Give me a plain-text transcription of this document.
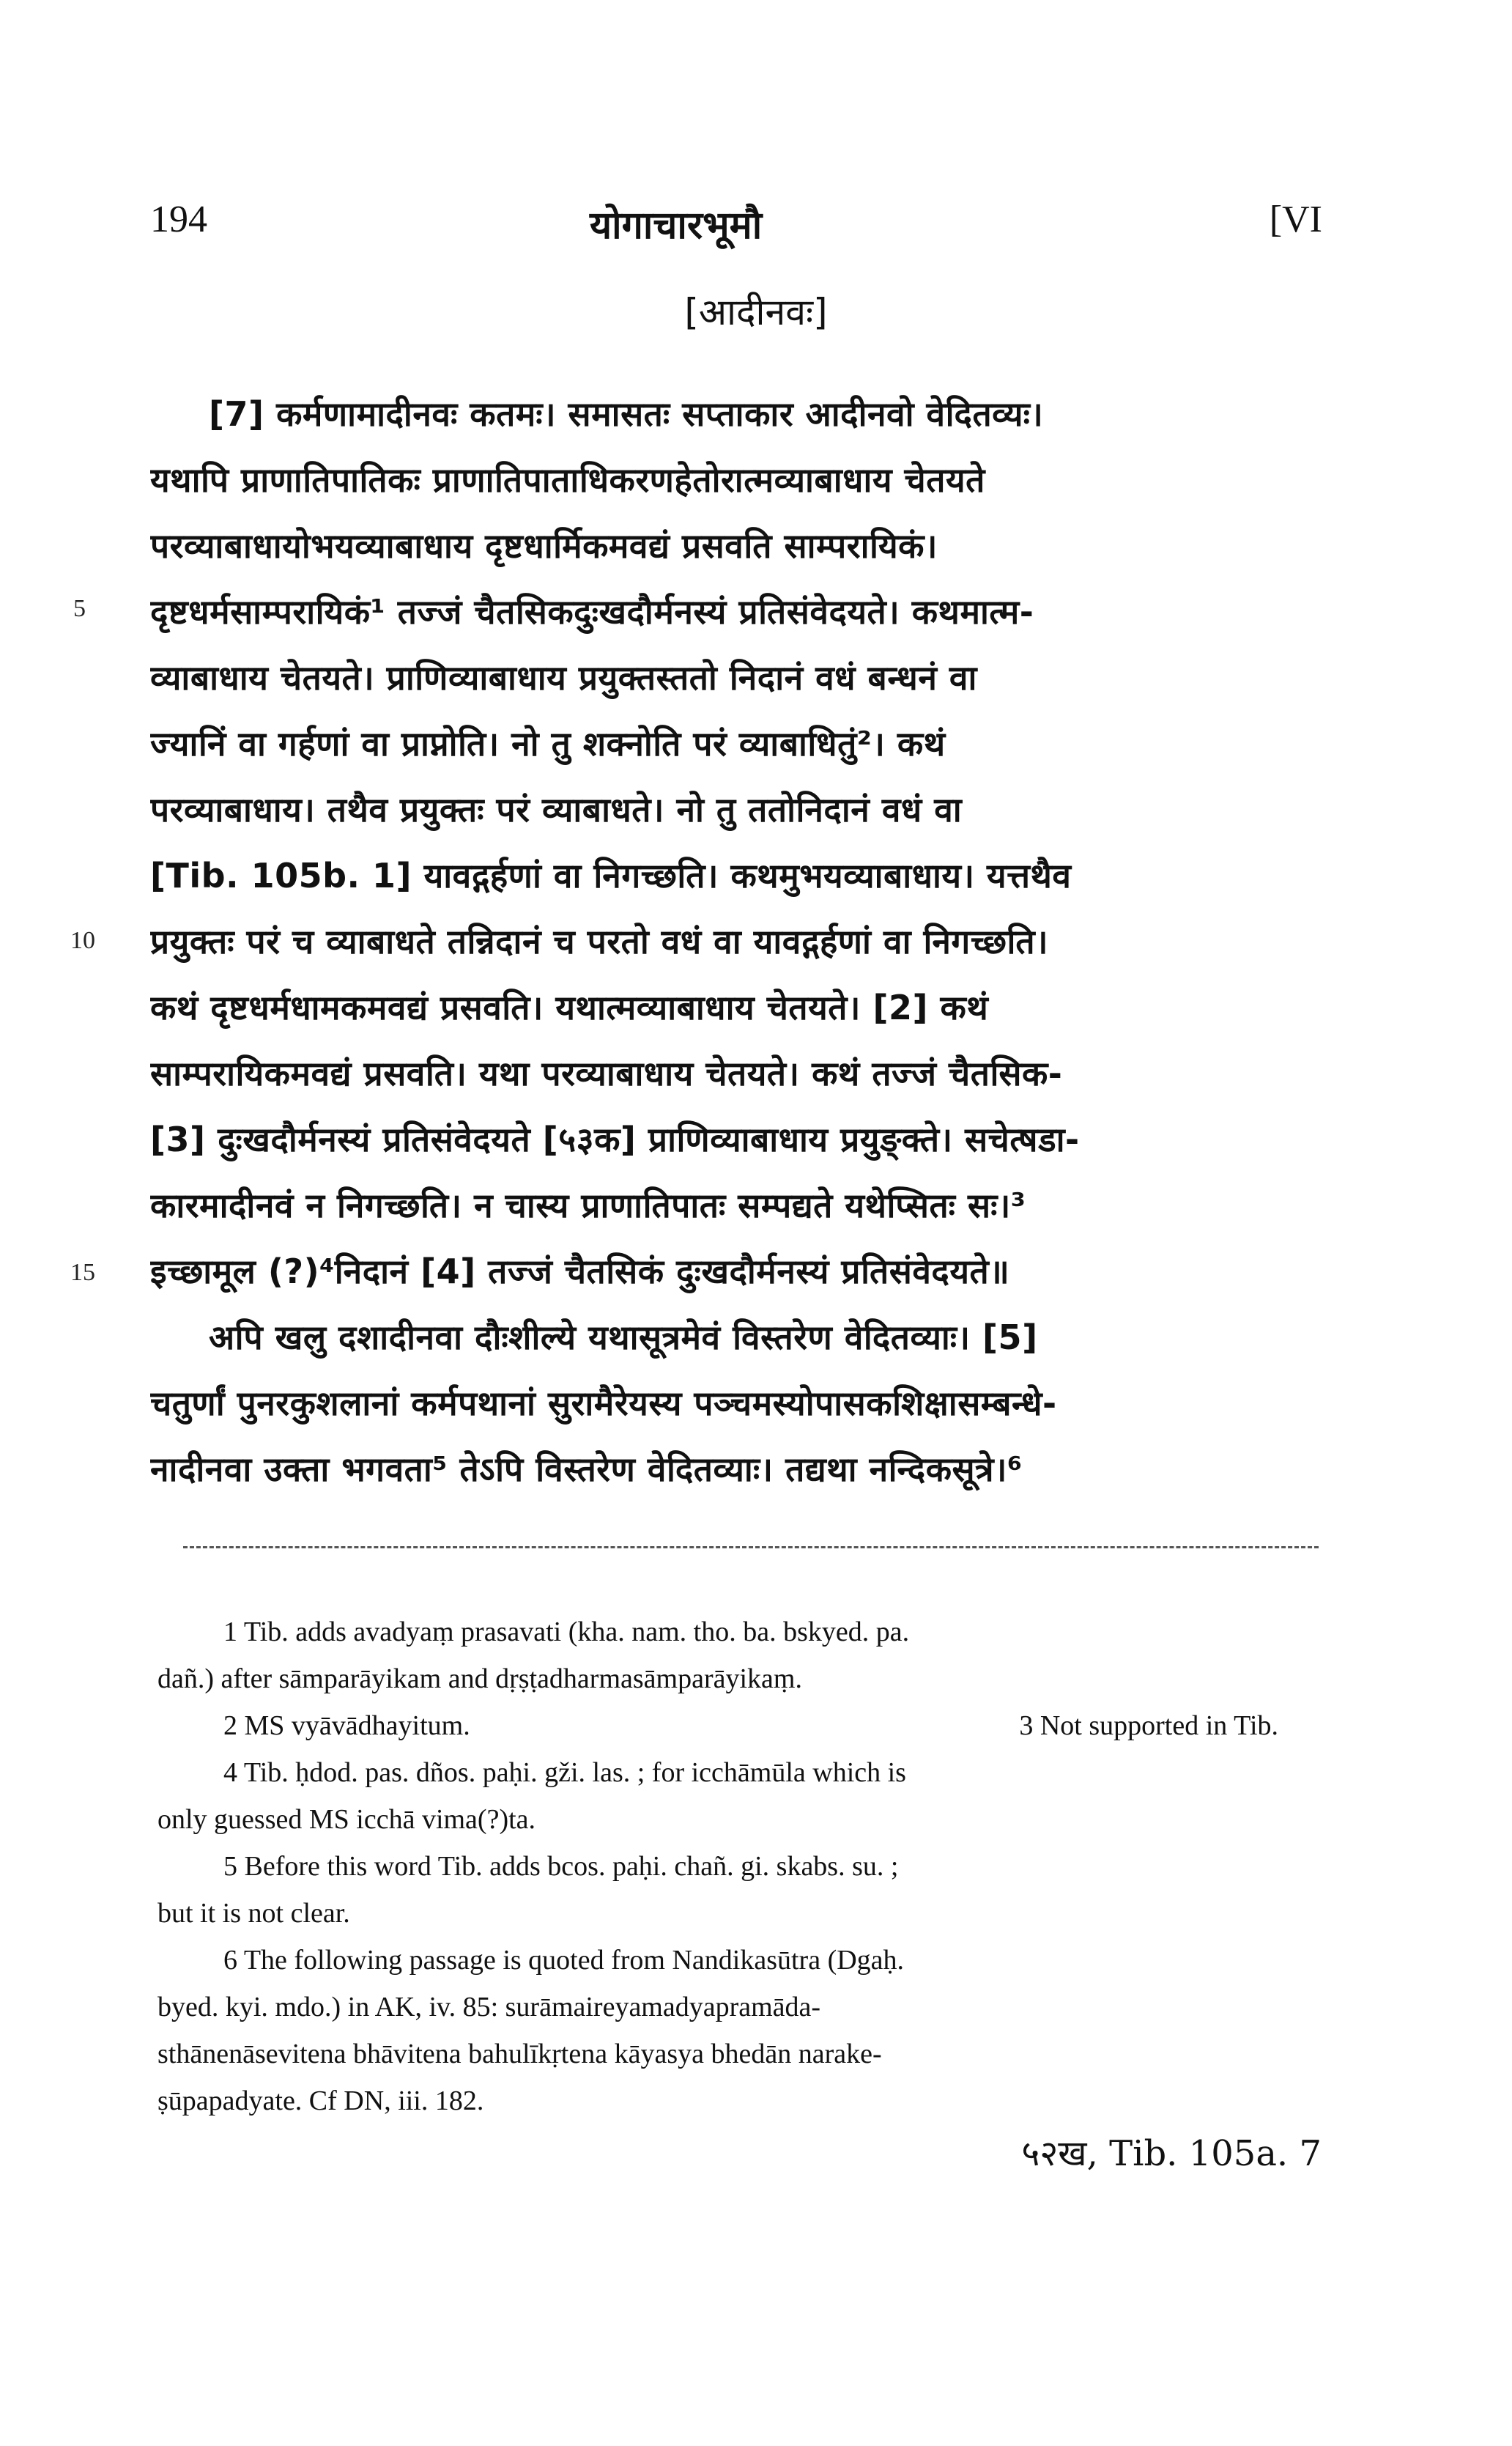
194	योगाचारभूमौ	[VI
[आदीनवः]
[7] कर्मणामादीनवः कतमः। समासतः सप्ताकार आदीनवो वेदितव्यः।
यथापि प्राणातिपातिकः प्राणातिपाताधिकरणहेतोरात्मव्याबाधाय चेतयते
परव्याबाधायोभयव्याबाधाय दृष्टधार्मिकमवद्यं प्रसवति साम्परायिकं।
दृष्टधर्मसाम्परायिकं¹ तज्जं चैतसिकदुःखदौर्मनस्यं प्रतिसंवेदयते। कथमात्म-
व्याबाधाय चेतयते। प्राणिव्याबाधाय प्रयुक्तस्ततो निदानं वधं बन्धनं वा
ज्यानिं वा गर्हणां वा प्राप्नोति। नो तु शक्नोति परं व्याबाधितुं²। कथं
परव्याबाधाय। तथैव प्रयुक्तः परं व्याबाधते। नो तु ततोनिदानं वधं वा
[Tib. 105b. 1] यावद्गर्हणां वा निगच्छति। कथमुभयव्याबाधाय। यत्तथैव
प्रयुक्तः परं च व्याबाधते तन्निदानं च परतो वधं वा यावद्गर्हणां वा निगच्छति।
कथं दृष्टधर्मधामकमवद्यं प्रसवति। यथात्मव्याबाधाय चेतयते। [2] कथं
साम्परायिकमवद्यं प्रसवति। यथा परव्याबाधाय चेतयते। कथं तज्जं चैतसिक-
[3] दुःखदौर्मनस्यं प्रतिसंवेदयते [५३क] प्राणिव्याबाधाय प्रयुङ्क्ते। सचेत्षडा-
कारमादीनवं न निगच्छति। न चास्य प्राणातिपातः सम्पद्यते यथेप्सितः सः।³
इच्छामूल (?)⁴निदानं [4] तज्जं चैतसिकं दुःखदौर्मनस्यं प्रतिसंवेदयते॥
अपि खलु दशादीनवा दौःशील्ये यथासूत्रमेवं विस्तरेण वेदितव्याः। [5]
चतुर्णां पुनरकुशलानां कर्मपथानां सुरामैरेयस्य पञ्चमस्योपासकशिक्षासम्बन्धे-
नादीनवा उक्ता भगवता⁵ तेऽपि विस्तरेण वेदितव्याः। तद्यथा नन्दिकसूत्रे।⁶
5
10
15
1 Tib. adds avadyaṃ prasavati (kha. nam. tho. ba. bskyed. pa.
dañ.) after sāmparāyikam and dṛṣṭadharmasāmparāyikaṃ.
2 MS vyāvādhayitum.	3 Not supported in Tib.
4 Tib. ḥdod. pas. dños. paḥi. gži. las. ; for icchāmūla which is
only guessed MS icchā vima(?)ta.
5 Before this word Tib. adds bcos. paḥi. chañ. gi. skabs. su. ;
but it is not clear.
6 The following passage is quoted from Nandikasūtra (Dgaḥ.
byed. kyi. mdo.) in AK, iv. 85: surāmaireyamadyapramāda-
sthānenāsevitena bhāvitena bahulīkṛtena kāyasya bhedān narake-
ṣūpapadyate. Cf DN, iii. 182.
५२ख, Tib. 105a. 7
